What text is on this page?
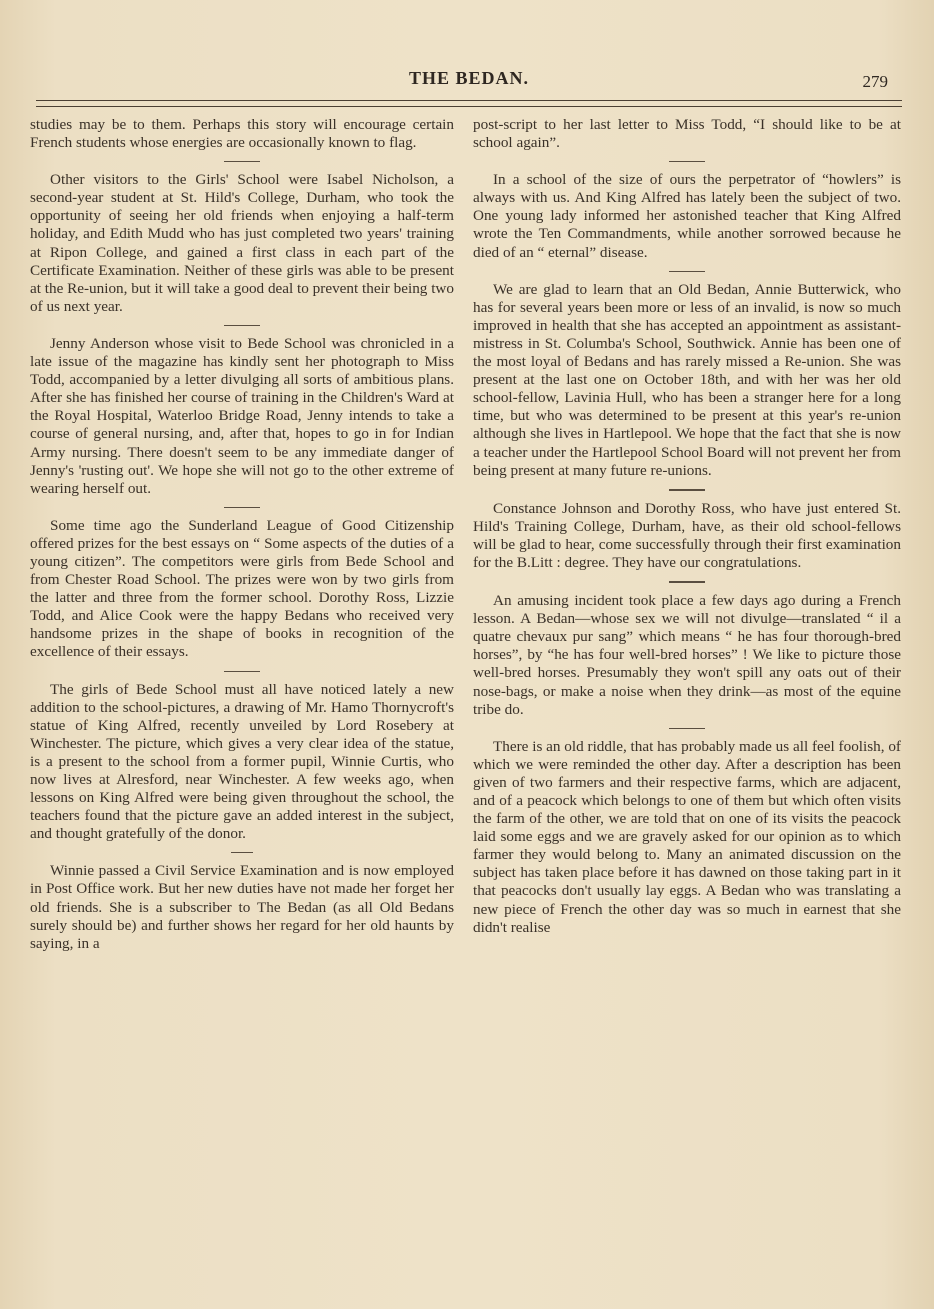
THE BEDAN.	279

studies may be to them. Perhaps this story will encourage certain French students whose energies are occasionally known to flag.

Other visitors to the Girls' School were Isabel Nicholson, a second-year student at St. Hild's College, Durham, who took the opportunity of seeing her old friends when enjoying a half-term holiday, and Edith Mudd who has just completed two years' training at Ripon College, and gained a first class in each part of the Certificate Examination. Neither of these girls was able to be present at the Re-union, but it will take a good deal to prevent their being two of us next year.

Jenny Anderson whose visit to Bede School was chronicled in a late issue of the magazine has kindly sent her photograph to Miss Todd, accompanied by a letter divulging all sorts of ambitious plans. After she has finished her course of training in the Children's Ward at the Royal Hospital, Waterloo Bridge Road, Jenny intends to take a course of general nursing, and, after that, hopes to go in for Indian Army nursing. There doesn't seem to be any immediate danger of Jenny's 'rusting out'. We hope she will not go to the other extreme of wearing herself out.

Some time ago the Sunderland League of Good Citizenship offered prizes for the best essays on “ Some aspects of the duties of a young citizen”. The competitors were girls from Bede School and from Chester Road School. The prizes were won by two girls from the latter and three from the former school. Dorothy Ross, Lizzie Todd, and Alice Cook were the happy Bedans who received very handsome prizes in the shape of books in recognition of the excellence of their essays.

The girls of Bede School must all have noticed lately a new addition to the school-pictures, a drawing of Mr. Hamo Thornycroft's statue of King Alfred, recently unveiled by Lord Rosebery at Winchester. The picture, which gives a very clear idea of the statue, is a present to the school from a former pupil, Winnie Curtis, who now lives at Alresford, near Winchester. A few weeks ago, when lessons on King Alfred were being given throughout the school, the teachers found that the picture gave an added interest in the subject, and thought gratefully of the donor.

Winnie passed a Civil Service Examination and is now employed in Post Office work. But her new duties have not made her forget her old friends. She is a subscriber to The Bedan (as all Old Bedans surely should be) and further shows her regard for her old haunts by saying, in a

post-script to her last letter to Miss Todd, “I should like to be at school again”.

In a school of the size of ours the perpetrator of “howlers” is always with us. And King Alfred has lately been the subject of two. One young lady informed her astonished teacher that King Alfred wrote the Ten Commandments, while another sorrowed because he died of an “ eternal” disease.

We are glad to learn that an Old Bedan, Annie Butterwick, who has for several years been more or less of an invalid, is now so much improved in health that she has accepted an appointment as assistant-mistress in St. Columba's School, Southwick. Annie has been one of the most loyal of Bedans and has rarely missed a Re-union. She was present at the last one on October 18th, and with her was her old school-fellow, Lavinia Hull, who has been a stranger here for a long time, but who was determined to be present at this year's re-union although she lives in Hartlepool. We hope that the fact that she is now a teacher under the Hartlepool School Board will not prevent her from being present at many future re-unions.

Constance Johnson and Dorothy Ross, who have just entered St. Hild's Training College, Durham, have, as their old school-fellows will be glad to hear, come successfully through their first examination for the B.Litt : degree. They have our congratulations.

An amusing incident took place a few days ago during a French lesson. A Bedan—whose sex we will not divulge—translated “ il a quatre chevaux pur sang” which means “ he has four thorough-bred horses”, by “he has four well-bred horses” ! We like to picture those well-bred horses. Presumably they won't spill any oats out of their nose-bags, or make a noise when they drink—as most of the equine tribe do.

There is an old riddle, that has probably made us all feel foolish, of which we were reminded the other day. After a description has been given of two farmers and their respective farms, which are adjacent, and of a peacock which belongs to one of them but which often visits the farm of the other, we are told that on one of its visits the peacock laid some eggs and we are gravely asked for our opinion as to which farmer they would belong to. Many an animated discussion on the subject has taken place before it has dawned on those taking part in it that peacocks don't usually lay eggs. A Bedan who was translating a new piece of French the other day was so much in earnest that she didn't realise
